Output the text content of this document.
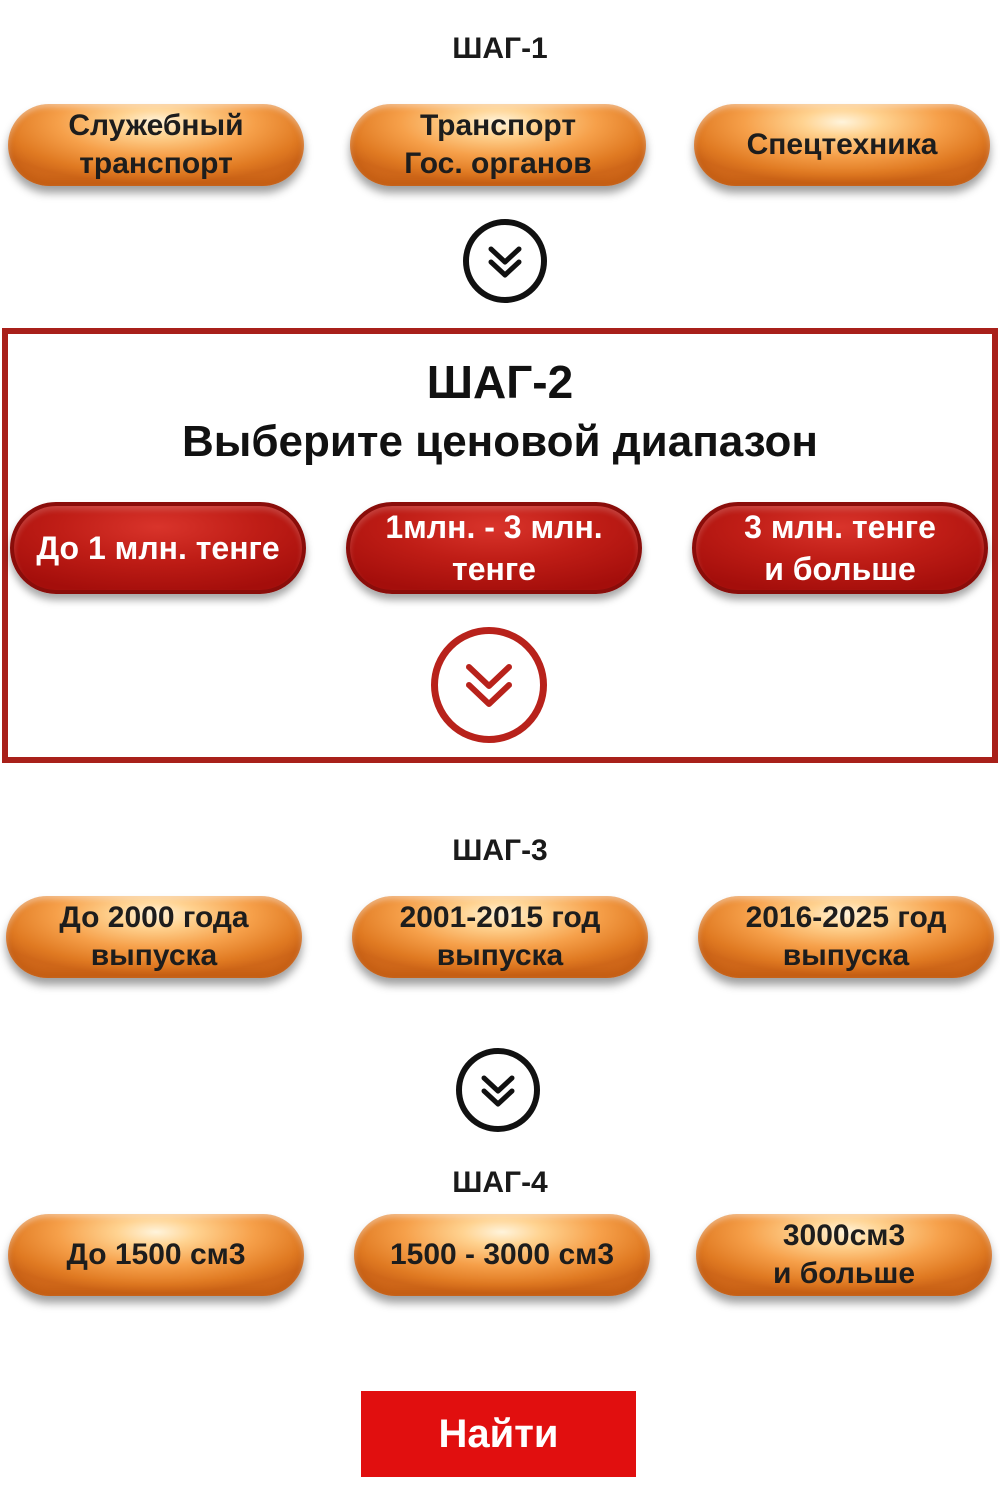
ШАГ-1
Служебный
транспорт
Транспорт
Гос. органов
Спецтехника
ШАГ-2
Выберите ценовой диапазон
До 1 млн. тенге
1млн. - 3 млн.
тенге
3 млн. тенге
и больше
ШАГ-3
До 2000 года
выпуска
2001-2015 год
выпуска
2016-2025 год
выпуска
ШАГ-4
До 1500 см3	1500 - 3000 см3
3000см3
и больше
Найти
